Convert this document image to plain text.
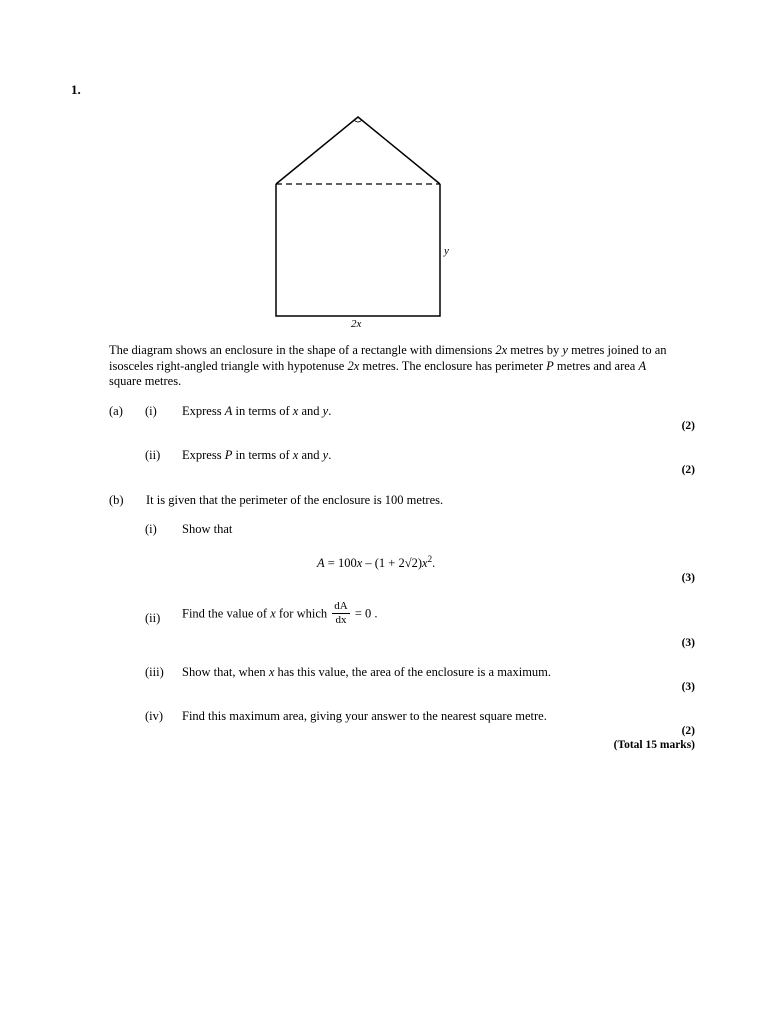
1.
y
2x
The diagram shows an enclosure in the shape of a rectangle with dimensions 2x metres by y metres joined to an isosceles right-angled triangle with hypotenuse 2x metres. The enclosure has perimeter P metres and area A square metres.
(a) (i) Express A in terms of x and y.
(2)
(ii) Express P in terms of x and y.
(2)
(b) It is given that the perimeter of the enclosure is 100 metres.
(i) Show that
$A = 100x - (1 + 2√2)x^2$.
(3)
(ii) Find the value of x for which $\frac{dA}{dx} = 0$ .
(3)
(iii) Show that, when x has this value, the area of the enclosure is a maximum.
(3)
(iv) Find this maximum area, giving your answer to the nearest square metre.
(2)
(Total 15 marks)
